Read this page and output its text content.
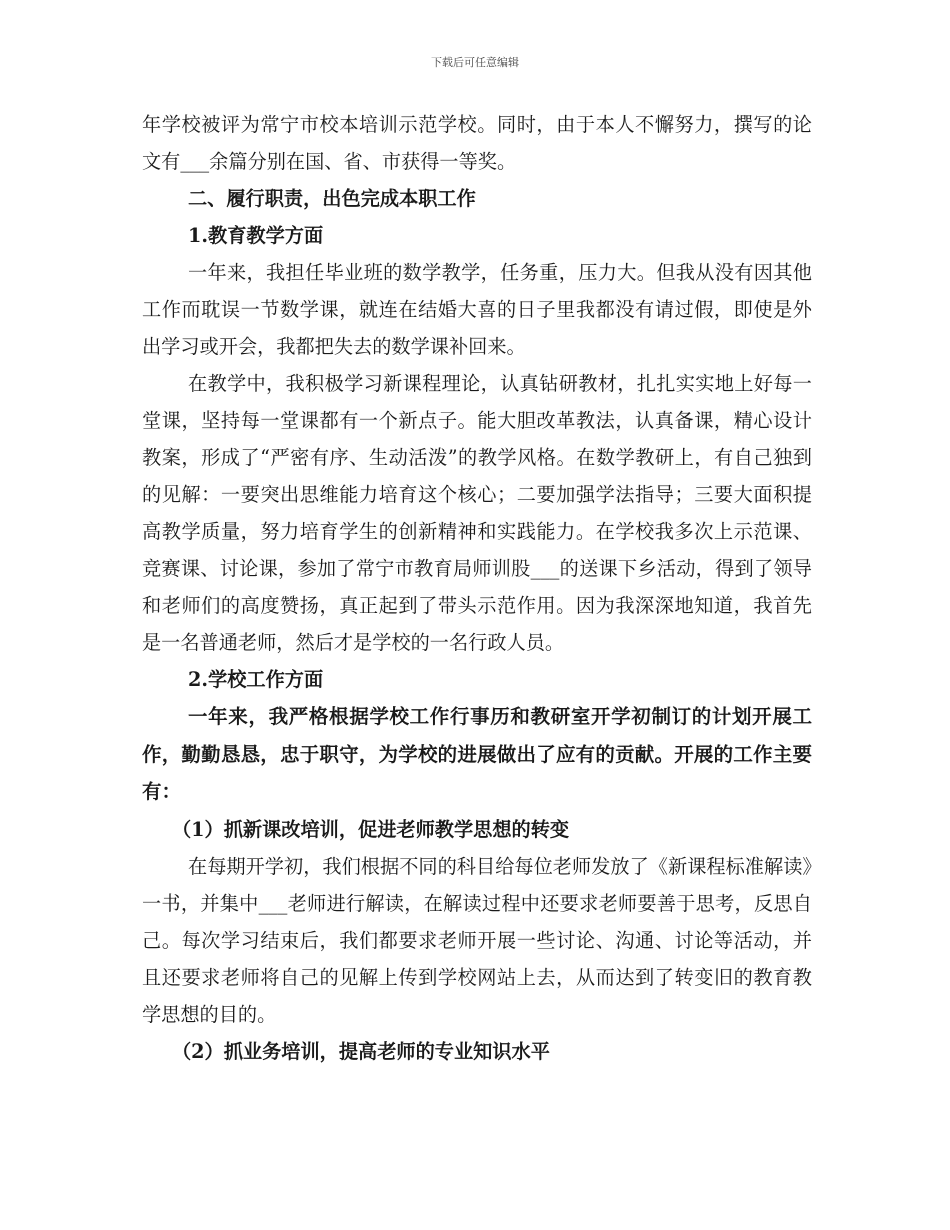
下载后可任意编辑

年学校被评为常宁市校本培训示范学校。同时，由于本人不懈努力，撰写的论文有___余篇分别在国、省、市获得一等奖。

二、履行职责，出色完成本职工作

1.教育教学方面

一年来，我担任毕业班的数学教学，任务重，压力大。但我从没有因其他工作而耽误一节数学课，就连在结婚大喜的日子里我都没有请过假，即使是外出学习或开会，我都把失去的数学课补回来。

在教学中，我积极学习新课程理论，认真钻研教材，扎扎实实地上好每一堂课，坚持每一堂课都有一个新点子。能大胆改革教法，认真备课，精心设计教案，形成了“严密有序、生动活泼”的教学风格。在数学教研上，有自己独到的见解：一要突出思维能力培育这个核心；二要加强学法指导；三要大面积提高教学质量，努力培育学生的创新精神和实践能力。在学校我多次上示范课、竞赛课、讨论课，参加了常宁市教育局师训股___的送课下乡活动，得到了领导和老师们的高度赞扬，真正起到了带头示范作用。因为我深深地知道，我首先是一名普通老师，然后才是学校的一名行政人员。

2.学校工作方面

一年来，我严格根据学校工作行事历和教研室开学初制订的计划开展工作，勤勤恳恳，忠于职守，为学校的进展做出了应有的贡献。开展的工作主要有：

（1）抓新课改培训，促进老师教学思想的转变

在每期开学初，我们根据不同的科目给每位老师发放了《新课程标准解读》一书，并集中___老师进行解读，在解读过程中还要求老师要善于思考，反思自己。每次学习结束后，我们都要求老师开展一些讨论、沟通、讨论等活动，并且还要求老师将自己的见解上传到学校网站上去，从而达到了转变旧的教育教学思想的目的。

（2）抓业务培训，提高老师的专业知识水平
